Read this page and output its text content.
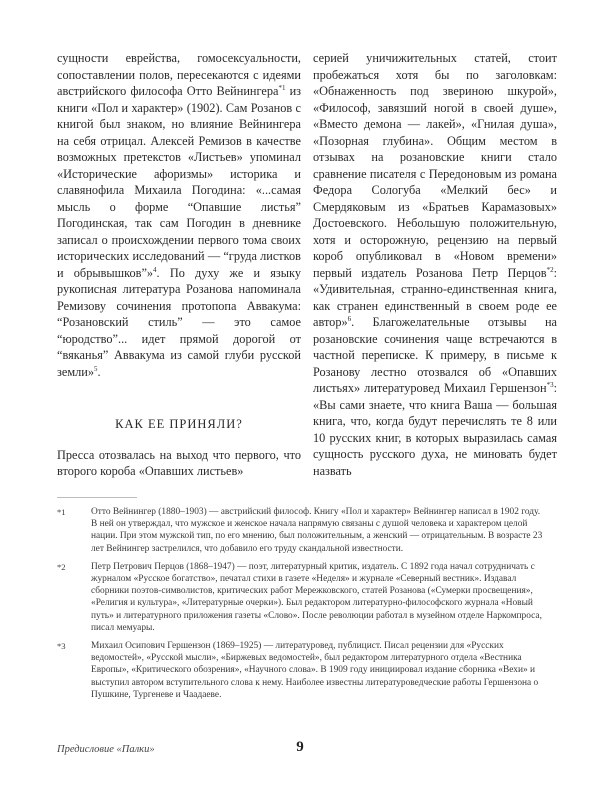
сущности еврейства, гомосексуальности, сопоставлении полов, пересекаются с идеями австрийского философа Отто Вейнингера$^{*1}$ из книги «Пол и характер» (1902). Сам Розанов с книгой был знаком, но влияние Вейнингера на себя отрицал. Алексей Ремизов в качестве возможных претекстов «Листьев» упоминал «Исторические афоризмы» историка и славянофила Михаила Погодина: «...самая мысль о форме “Опавшие листья” Погодинская, так сам Погодин в дневнике записал о происхождении первого тома своих исторических исследований — “груда листков и обрывышков”»$^4$. По духу же и языку рукописная литература Розанова напоминала Ремизову сочинения протопопа Аввакума: “Розановский стиль” — это самое “юродство”... идет прямой дорогой от “вяканья” Аввакума из самой глуби русской земли»$^5$.

КАК ЕЕ ПРИНЯЛИ?

Пресса отозвалась на выход что первого, что второго короба «Опавших листьев»

серией уничижительных статей, стоит пробежаться хотя бы по заголовкам: «Обнаженность под звериною шкурой», «Философ, завязший ногой в своей душе», «Вместо демона — лакей», «Гнилая душа», «Позорная глубина». Общим местом в отзывах на розановские книги стало сравнение писателя с Передоновым из романа Федора Сологуба «Мелкий бес» и Смердяковым из «Братьев Карамазовых» Достоевского. Небольшую положительную, хотя и осторожную, рецензию на первый короб опубликовал в «Новом времени» первый издатель Розанова Петр Перцов$^{*2}$: «Удивительная, странно-единственная книга, как странен единственный в своем роде ее автор»$^6$. Благожелательные отзывы на розановские сочинения чаще встречаются в частной переписке. К примеру, в письме к Розанову лестно отозвался об «Опавших листьях» литературовед Михаил Гершензон$^{*3}$: «Вы сами знаете, что книга Ваша — большая книга, что, когда будут перечислять те 8 или 10 русских книг, в которых выразилась самая сущность русского духа, не миновать будет назвать

*1	Отто Вейнингер (1880–1903) — австрийский философ. Книгу «Пол и характер» Вейнингер написал в 1902 году. В ней он утверждал, что мужское и женское начала напрямую связаны с душой человека и характером целой нации. При этом мужской тип, по его мнению, был положительным, а женский — отрицательным. В возрасте 23 лет Вейнингер застрелился, что добавило его труду скандальной известности.
*2	Петр Петрович Перцов (1868–1947) — поэт, литературный критик, издатель. С 1892 года начал сотрудничать с журналом «Русское богатство», печатал стихи в газете «Неделя» и журнале «Северный вестник». Издавал сборники поэтов-символистов, критических работ Мережковского, статей Розанова («Сумерки просвещения», «Религия и культура», «Литературные очерки»). Был редактором литературно-философского журнала «Новый путь» и литературного приложения газеты «Слово». После революции работал в музейном отделе Наркомпроса, писал мемуары.
*3	Михаил Осипович Гершензон (1869–1925) — литературовед, публицист. Писал рецензии для «Русских ведомостей», «Русской мысли», «Биржевых ведомостей», был редактором литературного отдела «Вестника Европы», «Критического обозрения», «Научного слова». В 1909 году инициировал издание сборника «Вехи» и выступил автором вступительного слова к нему. Наиболее известны литературоведческие работы Гершензона о Пушкине, Тургеневе и Чаадаеве.
Предисловие «Палки»	9
